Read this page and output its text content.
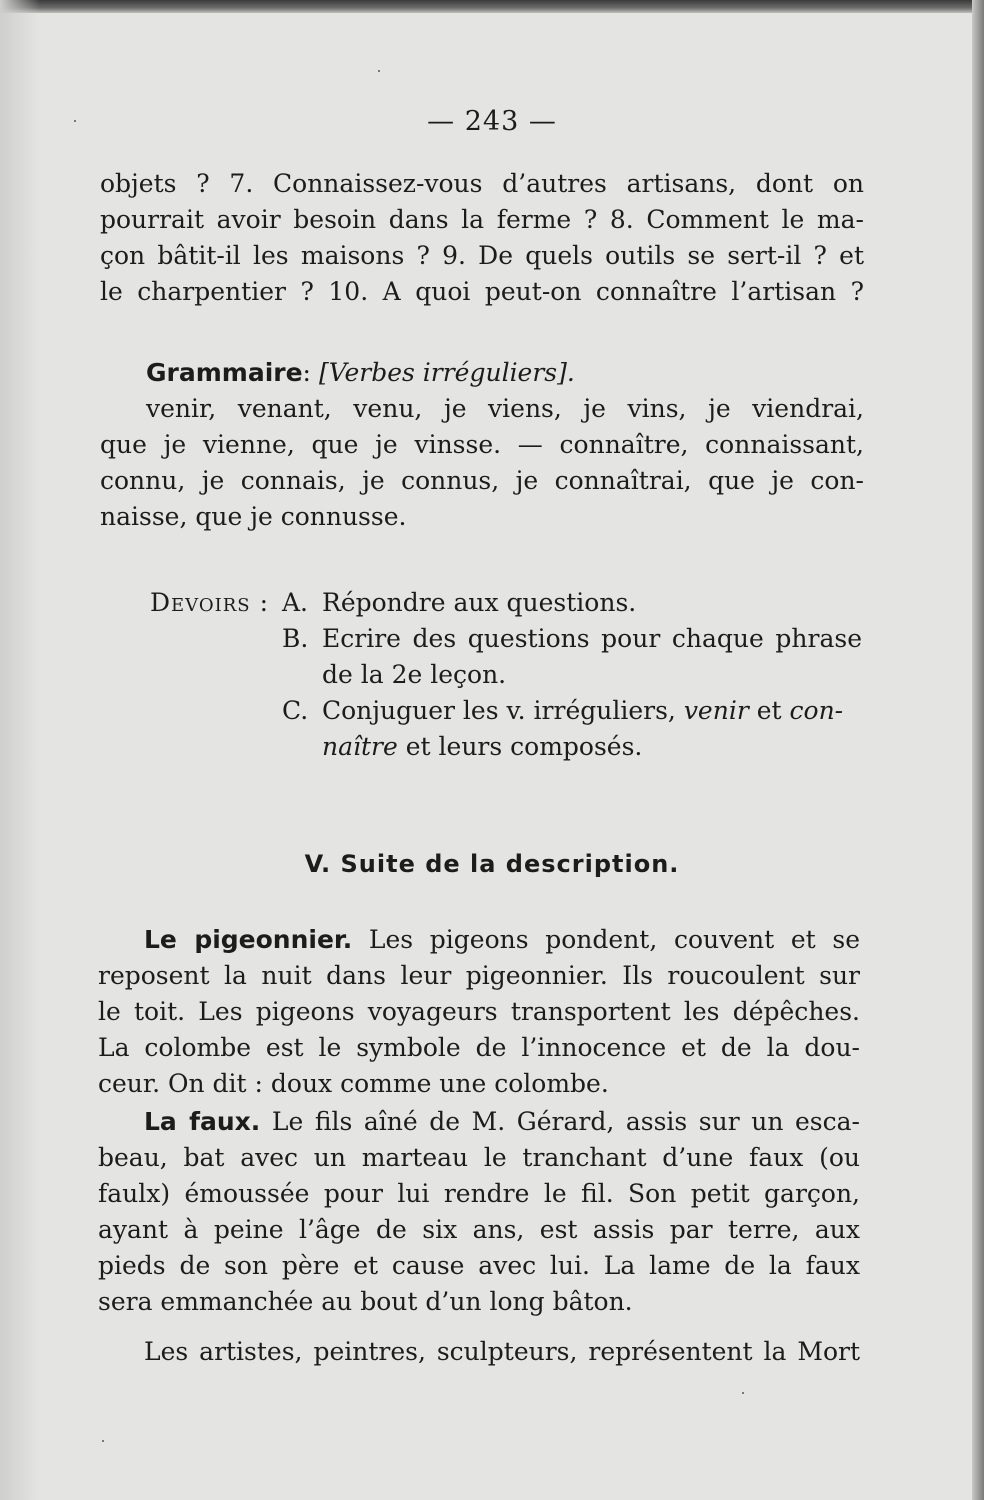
— 243 —
objets ? 7. Connaissez-vous d’autres artisans, dont on
pourrait avoir besoin dans la ferme ? 8. Comment le ma-
çon bâtit-il les maisons ? 9. De quels outils se sert-il ? et
le charpentier ? 10. A quoi peut-on connaître l’artisan ?
Grammaire: [Verbes irréguliers].
venir, venant, venu, je viens, je vins, je viendrai,
que je vienne, que je vinsse. — connaître, connaissant,
connu, je connais, je connus, je connaîtrai, que je con-
naisse, que je connusse.
Devoirs : A. Répondre aux questions.
B. Ecrire des questions pour chaque phrase
de la 2e leçon.
C. Conjuguer les v. irréguliers, venir et con-
naître et leurs composés.
V. Suite de la description.
Le pigeonnier. Les pigeons pondent, couvent et se
reposent la nuit dans leur pigeonnier. Ils roucoulent sur
le toit. Les pigeons voyageurs transportent les dépêches.
La colombe est le symbole de l’innocence et de la dou-
ceur. On dit : doux comme une colombe.
La faux. Le fils aîné de M. Gérard, assis sur un esca-
beau, bat avec un marteau le tranchant d’une faux (ou
faulx) émoussée pour lui rendre le fil. Son petit garçon,
ayant à peine l’âge de six ans, est assis par terre, aux
pieds de son père et cause avec lui. La lame de la faux
sera emmanchée au bout d’un long bâton.
Les artistes, peintres, sculpteurs, représentent la Mort
